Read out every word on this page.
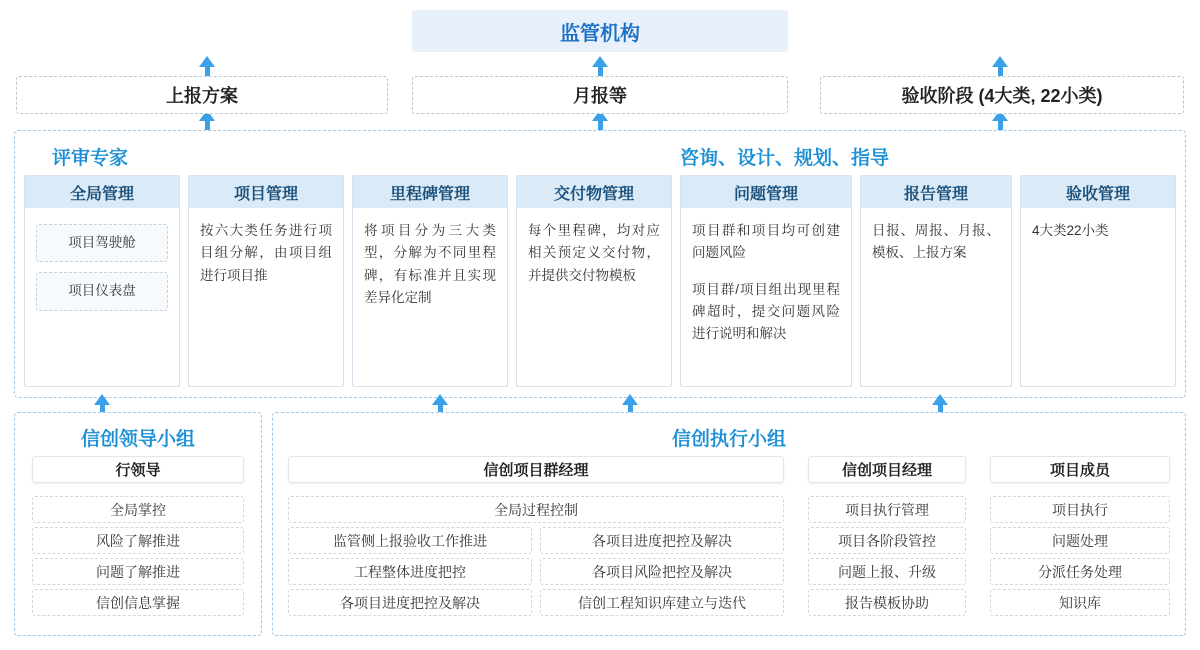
监管机构
上报方案	月报等	验收阶段 (4大类, 22小类)
评审专家	咨询、设计、规划、指导
全局管理
项目驾驶舱
项目仪表盘
项目管理

按六大类任务进行项目组分解，由项目组进行项目推

里程碑管理

将项目分为三大类型，分解为不同里程碑，有标准并且实现差异化定制

交付物管理

每个里程碑，均对应相关预定义交付物，并提供交付物模板

问题管理

项目群和项目均可创建问题风险

项目群/项目组出现里程碑超时，提交问题风险进行说明和解决

报告管理

日报、周报、月报、模板、上报方案

验收管理

4大类22小类

信创领导小组	信创执行小组
行领导
全局掌控
风险了解推进
问题了解推进
信创信息掌握
信创项目群经理
全局过程控制
监管侧上报验收工作推进
工程整体进度把控
各项目进度把控及解决
各项目进度把控及解决
各项目风险把控及解决
信创工程知识库建立与迭代
信创项目经理
项目执行管理
项目各阶段管控
问题上报、升级
报告模板协助
项目成员
项目执行
问题处理
分派任务处理
知识库
